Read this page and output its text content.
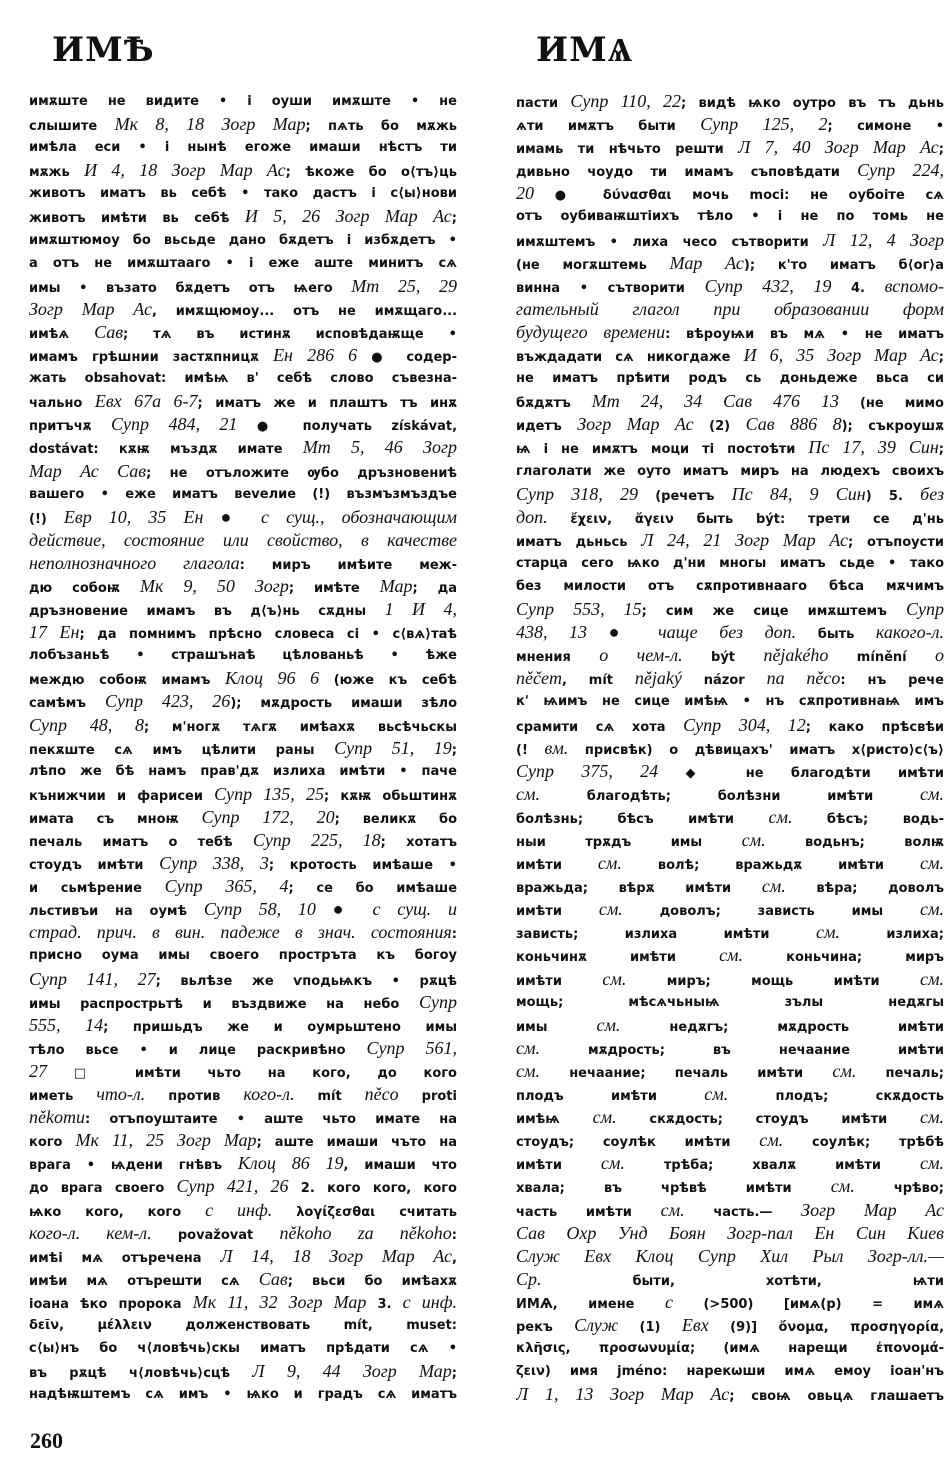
ИМѢ	ИМѦ
имѫште не видите • і оуши имѫште • не
слышите Мк 8, 18 Зогр Мар; пѧть бо мѫжь
имѣла еси • і нынѣ егоже имаши нѣстъ ти
мѫжь И 4, 18 Зогр Мар Ас; ѣкоже бо о⟨тъ⟩ць
животъ иматъ вь себѣ • тако дастъ і с⟨ы⟩нови
животъ имѣти вь себѣ И 5, 26 Зогр Мар Ас;
имѫштюмоу бо вьсьде дано бѫдетъ і избѫдетъ •
а отъ не имѫштааго • і еже аште минитъ сѧ
имы • възато бѫдетъ отъ ѩего Мт 25, 29
Зогр Мар Ас, имѫщюмоу... отъ не имѫщаго...
имѣѧ Сав; тѧ въ истинѫ исповѣдаѭще •
имамъ грѣшнии застѫпницѫ Ен 286 6 ● содер-
жать obsahovat: имѣѩ в' себѣ слово съвезна-
чально Евх 67а 6-7; иматъ же и плаштъ тъ инѫ
притъчѫ Супр 484, 21 ● получать získávat,
dostávat: кѫѭ мъздѫ имате Мт 5, 46 Зогр
Мар Ас Сав; не отъложите ѹбо дръзновениѣ
вашего • еже иматъ веvелие (!) възмъзмъздъе
(!) Евр 10, 35 Ен ● с сущ., обозначающим
действие, состояние или свойство, в качестве
неполнозначного глагола: миръ имѣите меж-
дю собоѭ Мк 9, 50 Зогр; имѣте Мар; да
дръзновение имамъ въ д⟨ъ⟩нь сѫдны 1 И 4,
17 Ен; да помнимъ прѣсно словеса сі • с⟨вѧ⟩таѣ
лобъзаньѣ • страшънаѣ цѣлованьѣ • ѣже
междю собоѭ имамъ Клоц 96 6 (юже къ себѣ
самѣмъ Супр 423, 26); мѫдрость имаши зѣло
Супр 48, 8; м'ногѫ тѧгѫ имѣахѫ вьсѣчьскы
пекѫште сѧ имъ цѣлити раны Супр 51, 19;
лѣпо же бѣ намъ прав'дѫ излиха имѣти • паче
кънижчии и фарисеи Супр 135, 25; кѫѭ обьштинѫ
имата съ мноѭ Супр 172, 20; великѫ бо
печаль иматъ о тебѣ Супр 225, 18; хотатъ
стоудъ имѣти Супр 338, 3; кротость имѣаше •
и сьмѣрение Супр 365, 4; се бо имѣаше
льстивъи на оумѣ Супр 58, 10 ● с сущ. и
страд. прич. в вин. падеже в знач. состояния:
присно оума имы своего прострътa къ богоу
Супр 141, 27; вьлѣзе же ѵподьѩкъ • рѫцѣ
имы распрострьтѣ и въздвиже на небо Супр
555, 14; пришьдъ же и оумрьштено имы
тѣло вьсе • и лице раскривѣно Супр 561,
27 □ имѣти чьто на кого, до кого
иметь что-л. против кого-л. mít něco proti
někomu: отъпоуштаите • аште чьто имате на
кого Мк 11, 25 Зогр Мар; аште имаши чъто на
врага • ѩдени гнѣвъ Клоц 86 19, имаши что
до врага своего Супр 421, 26 2. кого кого, кого
ѩко кого, кого с инф. λογίζεσθαι считать
кого-л. кем-л. považovat někoho za někoho:
имѣі мѧ отъречена Л 14, 18 Зогр Мар Ас,
имѣи мѧ отърешти сѧ Сав; вьси бо имѣахѫ
іоана ѣко пророка Мк 11, 32 Зогр Мар 3. с инф.
δεῖν, μέλλειν долженствовать mít, muset:
с⟨ы⟩нъ бо ч⟨ловѣчь⟩скы иматъ прѣдати сѧ •
въ рѫцѣ ч⟨ловѣчь⟩сцѣ Л 9, 44 Зогр Мар;
надѣѭштемъ сѧ имъ • ѩко и градъ сѧ иматъ
пасти Супр 110, 22; видѣ ѩко оутро въ тъ дьнь
ѧти имѫтъ быти Супр 125, 2; симоне •
имамь ти нѣчьто решти Л 7, 40 Зогр Мар Ас;
дивьно чоудо ти имамъ съповѣдати Супр 224,
20 ● δύνασθαι мочь moci: не оубоіте сѧ
отъ оубиваѭштiихъ тѣло • і не по томь не
имѫштемъ • лиха чесо сътворити Л 12, 4 Зогр
(не могѫштемь Мар Ас); к'то иматъ б⟨ог⟩а
винна • сътворити Супр 432, 19 4. вспомо-
гательный глагол при образовании форм
будущего времени: вѣроуѩи въ мѧ • не иматъ
въждадати сѧ никогдаже И 6, 35 Зогр Мар Ас;
не иматъ прѣити родъ сь доньдеже вьса си
бѫдѫтъ Мт 24, 34 Сав 476 13 (не мимо
идетъ Зогр Мар Ас (2) Сав 886 8); съкроушѫ
ѩ і не имѫтъ моци ті постоѣти Пс 17, 39 Син;
глаголати же оуто иматъ миръ на людехъ своихъ
Супр 318, 29 (речетъ Пс 84, 9 Син) 5. без
доп. ἔχειν, ἄγειν быть být: трети се д'нь
иматъ дьньсь Л 24, 21 Зогр Мар Ас; отъпоусти
старца сего ѩко д'ни многы иматъ сьде • тако
без милости отъ сѫпротивнааго бѣса мѫчимъ
Супр 553, 15; сим же сице имѫштемъ Супр
438, 13 ● чаще без доп. быть какого-л.
мнения о чем-л. být nějakého mínění o
něčem, mít nějaký názor na něco: нъ рече
к' ѩимъ не сице имѣѩ • нъ сѫпротивнаѩ имъ
срамити сѧ хота Супр 304, 12; како прѣсвѣи
(! вм. присвѣк) о дѣвицахъ' иматъ х⟨ристо⟩с⟨ъ⟩
Супр 375, 24 ◆ не благодѣти имѣти
см. благодѣть; болѣзни имѣти см.
болѣзнь; бѣсъ имѣти см. бѣсъ; водь-
ныи трѫдъ имы см. водьнъ; волѭ
имѣти см. волѣ; вражьдѫ имѣти см.
вражьда; вѣрѫ имѣти см. вѣра; доволъ
имѣти см. доволъ; зависть имы см.
зависть; излиха имѣти см. излиха;
коньчинѫ имѣти см. коньчина; миръ
имѣти см. миръ; мощь имѣти см.
мощь; мѣсѧчьныѩ зълы недѫгы
имы см. недѫгъ; мѫдрость имѣти
см. мѫдрость; въ нечаание имѣти
см. нечаание; печаль имѣти см. печаль;
плодъ имѣти см. плодъ; скѫдость
имѣѩ см. скѫдость; стоудъ имѣти см.
стоудъ; соулѣк имѣти см. соулѣк; трѣбѣ
имѣти см. трѣба; хвалѫ имѣти см.
хвала; въ чрѣвѣ имѣти см. чрѣво;
часть имѣти см. часть.— Зогр Мар Ас
Сав Охр Унд Боян Зогр-пал Ен Син Киев
Служ Евх Клоц Супр Хил Рыл Зогр-лл.—
Ср. быти, хотѣти, ѩти
ИМѦ, имене с (>500) [имѧ(р) = имѧ
рекъ Служ (1) Евх (9)] ὄνομα, προσηγορία,
κλῆσις, προσωνυμία; (имѧ нарещи ἐπονομά-
ζειν) имя jméno: нарекѡши имѧ емоу іоан'нъ
Л 1, 13 Зогр Мар Ас; своѩ овьцѧ глашаетъ
260
